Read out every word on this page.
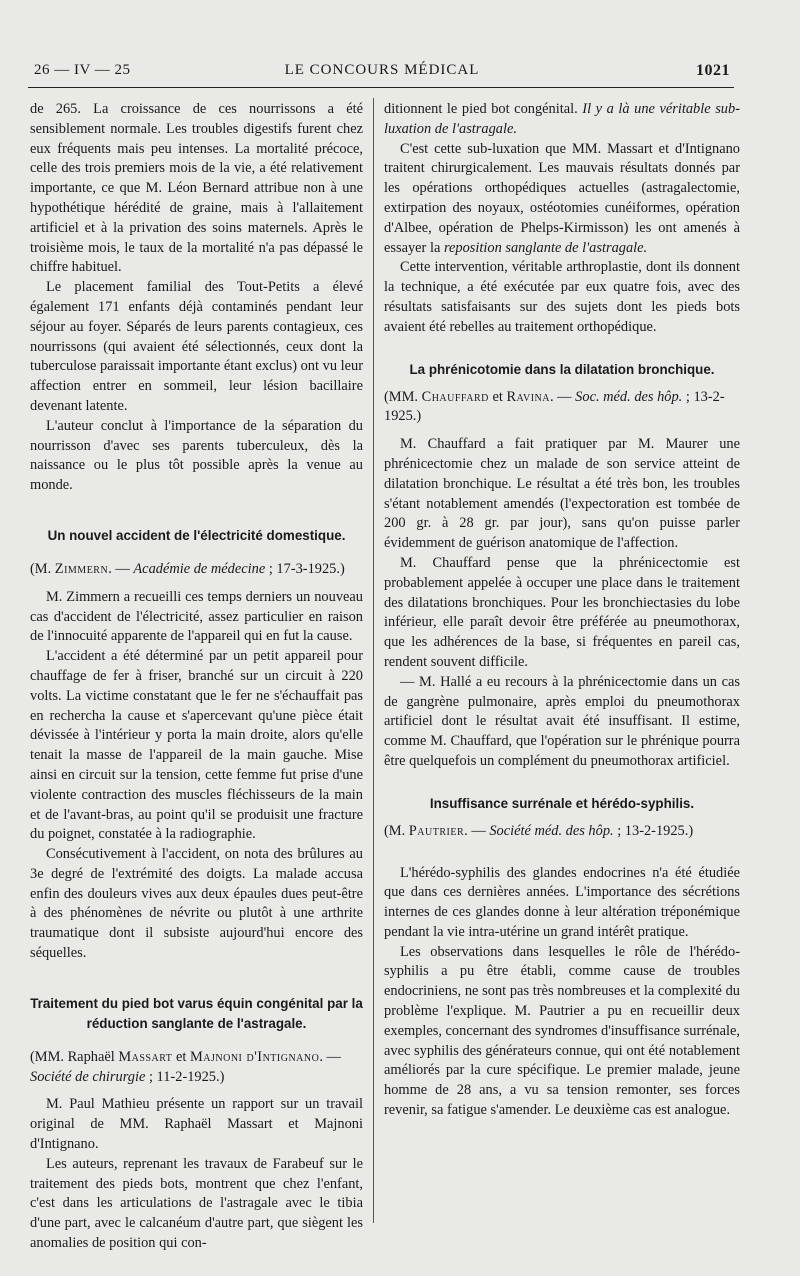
26 — IV — 25	LE CONCOURS MÉDICAL	1021

de 265. La croissance de ces nourrissons a été sensiblement normale. Les troubles digestifs furent chez eux fréquents mais peu intenses. La mortalité précoce, celle des trois premiers mois de la vie, a été relativement importante, ce que M. Léon Bernard attribue non à une hypothétique hérédité de graine, mais à l'allaitement artificiel et à la privation des soins maternels. Après le troisième mois, le taux de la mortalité n'a pas dépassé le chiffre habituel.

Le placement familial des Tout-Petits a élevé également 171 enfants déjà contaminés pendant leur séjour au foyer. Séparés de leurs parents contagieux, ces nourrissons (qui avaient été sélectionnés, ceux dont la tuberculose paraissait importante étant exclus) ont vu leur affection entrer en sommeil, leur lésion bacillaire devenant latente.

L'auteur conclut à l'importance de la séparation du nourrisson d'avec ses parents tuberculeux, dès la naissance ou le plus tôt possible après la venue au monde.

Un nouvel accident de l'électricité domestique.
(M. Zimmern. — Académie de médecine ; 17-3-1925.)

M. Zimmern a recueilli ces temps derniers un nouveau cas d'accident de l'électricité, assez particulier en raison de l'innocuité apparente de l'appareil qui en fut la cause.

L'accident a été déterminé par un petit appareil pour chauffage de fer à friser, branché sur un circuit à 220 volts. La victime constatant que le fer ne s'échauffait pas en rechercha la cause et s'apercevant qu'une pièce était dévissée à l'intérieur y porta la main droite, alors qu'elle tenait la masse de l'appareil de la main gauche. Mise ainsi en circuit sur la tension, cette femme fut prise d'une violente contraction des muscles fléchisseurs de la main et de l'avant-bras, au point qu'il se produisit une fracture du poignet, constatée à la radiographie.

Consécutivement à l'accident, on nota des brûlures au 3e degré de l'extrémité des doigts. La malade accusa enfin des douleurs vives aux deux épaules dues peut-être à des phénomènes de névrite ou plutôt à une arthrite traumatique dont il subsiste aujourd'hui encore des séquelles.

Traitement du pied bot varus équin congénital par la réduction sanglante de l'astragale.
(MM. Raphaël Massart et Majnoni d'Intignano. — Société de chirurgie ; 11-2-1925.)

M. Paul Mathieu présente un rapport sur un travail original de MM. Raphaël Massart et Majnoni d'Intignano.

Les auteurs, reprenant les travaux de Farabeuf sur le traitement des pieds bots, montrent que chez l'enfant, c'est dans les articulations de l'astragale avec le tibia d'une part, avec le calcanéum d'autre part, que siègent les anomalies de position qui con-

ditionnent le pied bot congénital. Il y a là une véritable sub-luxation de l'astragale.

C'est cette sub-luxation que MM. Massart et d'Intignano traitent chirurgicalement. Les mauvais résultats donnés par les opérations orthopédiques actuelles (astragalectomie, extirpation des noyaux, ostéotomies cunéiformes, opération d'Albee, opération de Phelps-Kirmisson) les ont amenés à essayer la reposition sanglante de l'astragale.

Cette intervention, véritable arthroplastie, dont ils donnent la technique, a été exécutée par eux quatre fois, avec des résultats satisfaisants sur des sujets dont les pieds bots avaient été rebelles au traitement orthopédique.

La phrénicotomie dans la dilatation bronchique.
(MM. Chauffard et Ravina. — Soc. méd. des hôp. ; 13-2-1925.)

M. Chauffard a fait pratiquer par M. Maurer une phrénicectomie chez un malade de son service atteint de dilatation bronchique. Le résultat a été très bon, les troubles s'étant notablement amendés (l'expectoration est tombée de 200 gr. à 28 gr. par jour), sans qu'on puisse parler évidemment de guérison anatomique de l'affection.

M. Chauffard pense que la phrénicectomie est probablement appelée à occuper une place dans le traitement des dilatations bronchiques. Pour les bronchiectasies du lobe inférieur, elle paraît devoir être préférée au pneumothorax, que les adhérences de la base, si fréquentes en pareil cas, rendent souvent difficile.

— M. Hallé a eu recours à la phrénicectomie dans un cas de gangrène pulmonaire, après emploi du pneumothorax artificiel dont le résultat avait été insuffisant. Il estime, comme M. Chauffard, que l'opération sur le phrénique pourra être quelquefois un complément du pneumothorax artificiel.

Insuffisance surrénale et hérédo-syphilis.
(M. Pautrier. — Société méd. des hôp. ; 13-2-1925.)

L'hérédo-syphilis des glandes endocrines n'a été étudiée que dans ces dernières années. L'importance des sécrétions internes de ces glandes donne à leur altération tréponémique pendant la vie intra-utérine un grand intérêt pratique.

Les observations dans lesquelles le rôle de l'hérédo-syphilis a pu être établi, comme cause de troubles endocriniens, ne sont pas très nombreuses et la complexité du problème l'explique. M. Pautrier a pu en recueillir deux exemples, concernant des syndromes d'insuffisance surrénale, avec syphilis des générateurs connue, qui ont été notablement améliorés par la cure spécifique. Le premier malade, jeune homme de 28 ans, a vu sa tension remonter, ses forces revenir, sa fatigue s'amender. Le deuxième cas est analogue.
